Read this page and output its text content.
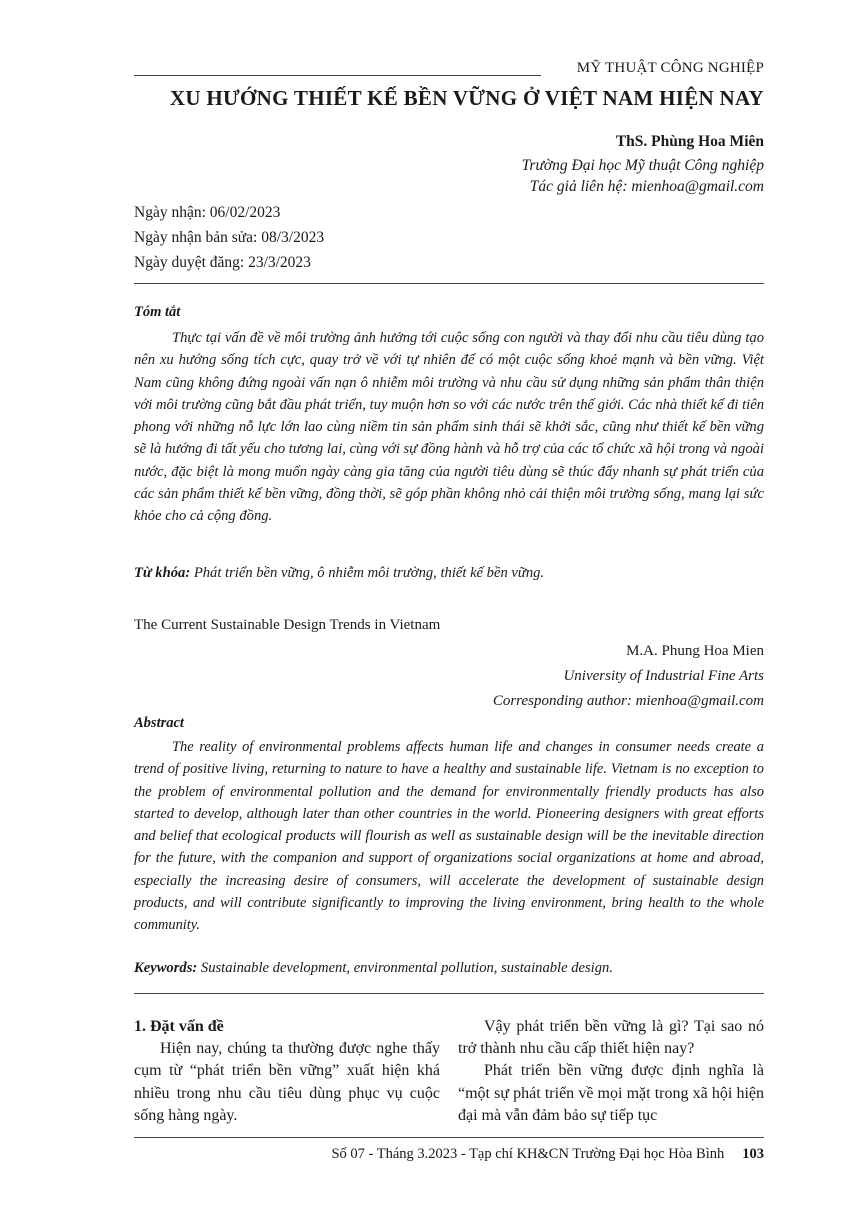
MỸ THUẬT CÔNG NGHIỆP
XU HƯỚNG THIẾT KẾ BỀN VỮNG Ở VIỆT NAM HIỆN NAY
ThS. Phùng Hoa Miên
Trường Đại học Mỹ thuật Công nghiệp
Tác giả liên hệ: mienhoa@gmail.com
Ngày nhận: 06/02/2023
Ngày nhận bản sửa: 08/3/2023
Ngày duyệt đăng: 23/3/2023
Tóm tắt

Thực tại vấn đề về môi trường ảnh hưởng tới cuộc sống con người và thay đổi nhu cầu tiêu dùng tạo nên xu hướng sống tích cực, quay trở về với tự nhiên để có một cuộc sống khoẻ mạnh và bền vững. Việt Nam cũng không đứng ngoài vấn nạn ô nhiễm môi trường và nhu cầu sử dụng những sản phẩm thân thiện với môi trường cũng bắt đầu phát triển, tuy muộn hơn so với các nước trên thế giới. Các nhà thiết kế đi tiên phong với những nỗ lực lớn lao cùng niềm tin sản phẩm sinh thái sẽ khởi sắc, cũng như thiết kế bền vững sẽ là hướng đi tất yếu cho tương lai, cùng với sự đồng hành và hỗ trợ của các tổ chức xã hội trong và ngoài nước, đặc biệt là mong muốn ngày càng gia tăng của người tiêu dùng sẽ thúc đẩy nhanh sự phát triển của các sản phẩm thiết kế bền vững, đồng thời, sẽ góp phần không nhỏ cải thiện môi trường sống, mang lại sức khỏe cho cả cộng đồng.

Từ khóa: Phát triển bền vững, ô nhiễm môi trường, thiết kế bền vững.
The Current Sustainable Design Trends in Vietnam
M.A. Phung Hoa Mien
University of Industrial Fine Arts
Corresponding author: mienhoa@gmail.com
Abstract

The reality of environmental problems affects human life and changes in consumer needs create a trend of positive living, returning to nature to have a healthy and sustainable life. Vietnam is no exception to the problem of environmental pollution and the demand for environmentally friendly products has also started to develop, although later than other countries in the world. Pioneering designers with great efforts and belief that ecological products will flourish as well as sustainable design will be the inevitable direction for the future, with the companion and support of organizations social organizations at home and abroad, especially the increasing desire of consumers, will accelerate the development of sustainable design products, and will contribute significantly to improving the living environment, bring health to the whole community.

Keywords: Sustainable development, environmental pollution, sustainable design.

1. Đặt vấn đề

Hiện nay, chúng ta thường được nghe thấy cụm từ “phát triển bền vững” xuất hiện khá nhiều trong nhu cầu tiêu dùng phục vụ cuộc sống hàng ngày.

Vậy phát triển bền vững là gì? Tại sao nó trở thành nhu cầu cấp thiết hiện nay?

Phát triển bền vững được định nghĩa là “một sự phát triển về mọi mặt trong xã hội hiện đại mà vẫn đảm bảo sự tiếp tục

Số 07 - Tháng 3.2023 - Tạp chí KH&CN Trường Đại học Hòa Bình 103
